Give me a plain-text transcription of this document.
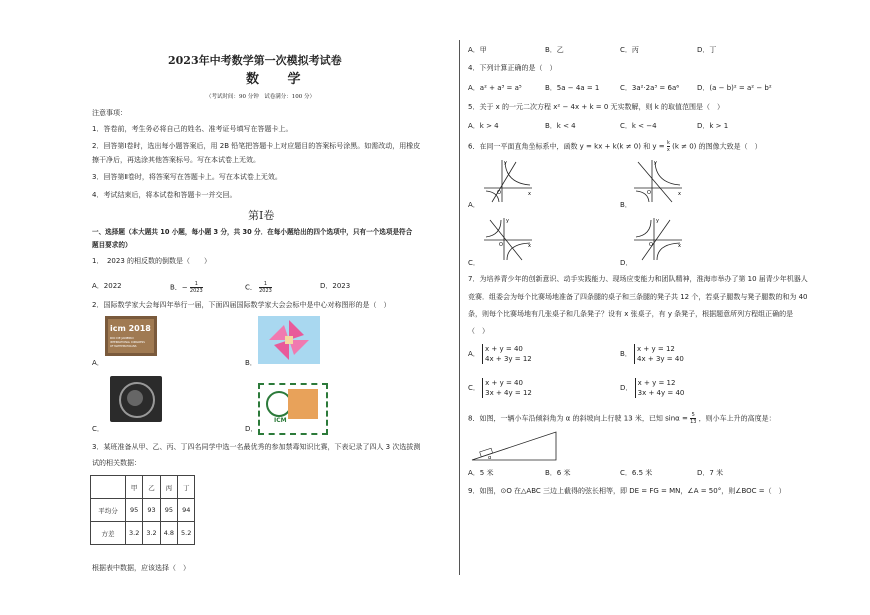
2023年中考数学第一次模拟考试卷
数 学
（考试时间：90 分钟　试卷满分：100 分）
注意事项：
1．答卷前，考生务必将自己的姓名、准考证号填写在答题卡上。
2．回答第Ⅰ卷时，选出每小题答案后，用 2B 铅笔把答题卡上对应题目的答案标号涂黑。如需改动，用橡皮
擦干净后，再选涂其他答案标号。写在本试卷上无效。
3．回答第Ⅱ卷时，将答案写在答题卡上。写在本试卷上无效。
4．考试结束后，将本试卷和答题卡一并交回。
第Ⅰ卷
一、选择题（本大题共 10 小题，每小题 3 分，共 30 分．在每小题给出的四个选项中，只有一个选项是符合
题目要求的）
1．　2023 的相反数的倒数是（　　）
A．2022	B．− $\frac{1}{2023}$	C． $\frac{1}{2023}$	D．2023
2．国际数学家大会每四年举行一届，下面四届国际数学家大会会标中是中心对称图形的是（　）
icm 2018
RIO DE JANEIRO
INTERNATIONAL CONGRESS
OF MATHEMATICIANS
A．	B．
C．
ICM
D．
3．某班准备从甲、乙、丙、丁四名同学中选一名最优秀的参加禁毒知识比赛，下表记录了四人 3 次选拔测
试的相关数据：
	甲	乙	丙	丁
平均分	95	93	95	94
方差	3.2	3.2	4.8	5.2
根据表中数据，应该选择（　）
A．甲	B．乙	C．丙	D．丁
4．下列计算正确的是（　）
A．a² + a³ = a⁵	B．5a − 4a = 1	C．3a²·2a³ = 6a⁶	D．(a − b)² = a² − b²
5．关于 x 的一元二次方程 x² − 4x + k = 0 无实数解，则 k 的取值范围是（　）
A．k > 4	B．k < 4	C．k < −4	D．k > 1
6．在同一平面直角坐标系中，函数 y = kx + k(k ≠ 0) 和 $y = \frac{k}{x} (k \ne 0)$ 的图像大致是（　）
x
y
O
A．
x
y
O
B．
x
y
O
C．
x
y
O
D．
7．为培养青少年的创新意识、动手实践能力、现场应变能力和团队精神，淮海市举办了第 10 届青少年机器人
竞赛．组委会为每个比赛场地准备了四条腿的桌子和三条腿的凳子共 12 个，若桌子腿数与凳子腿数的和为 40
条，则每个比赛场地有几张桌子和几条凳子？设有 x 张桌子，有 y 条凳子，根据题意所列方程组正确的是
（　）
A．
x + y = 40
4x + 3y = 12
B．
x + y = 12
4x + 3y = 40
C．
x + y = 40
3x + 4y = 12
D．
x + y = 12
3x + 4y = 40
8．如图，一辆小车沿倾斜角为 α 的斜坡向上行驶 13 米，已知 $\sin\alpha = \frac{5}{13}$ ，则小车上升的高度是：
α
A．5 米	B．6 米	C．6.5 米	D．7 米
9．如图，⊙O 在△ABC 三边上截得的弦长相等，即 DE = FG = MN，∠A = 50°，则∠BOC =（　）
